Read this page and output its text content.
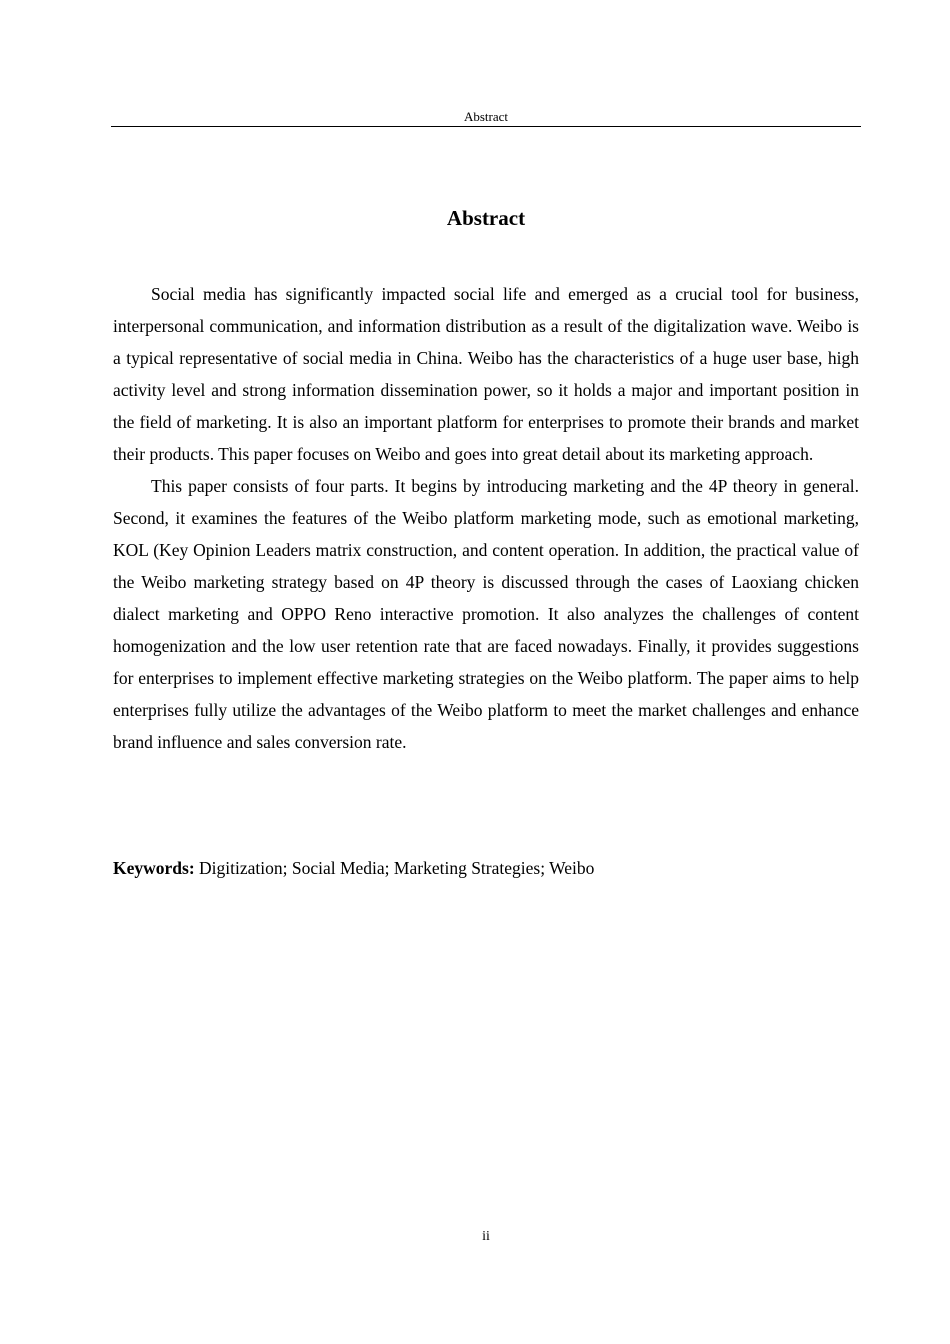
Abstract
Abstract

Social media has significantly impacted social life and emerged as a crucial tool for business, interpersonal communication, and information distribution as a result of the digitalization wave. Weibo is a typical representative of social media in China. Weibo has the characteristics of a huge user base, high activity level and strong information dissemination power, so it holds a major and important position in the field of marketing. It is also an important platform for enterprises to promote their brands and market their products. This paper focuses on Weibo and goes into great detail about its marketing approach.

This paper consists of four parts. It begins by introducing marketing and the 4P theory in general. Second, it examines the features of the Weibo platform marketing mode, such as emotional marketing, KOL (Key Opinion Leaders matrix construction, and content operation. In addition, the practical value of the Weibo marketing strategy based on 4P theory is discussed through the cases of Laoxiang chicken dialect marketing and OPPO Reno interactive promotion. It also analyzes the challenges of content homogenization and the low user retention rate that are faced nowadays. Finally, it provides suggestions for enterprises to implement effective marketing strategies on the Weibo platform. The paper aims to help enterprises fully utilize the advantages of the Weibo platform to meet the market challenges and enhance brand influence and sales conversion rate.

Keywords: Digitization; Social Media; Marketing Strategies; Weibo
ii
